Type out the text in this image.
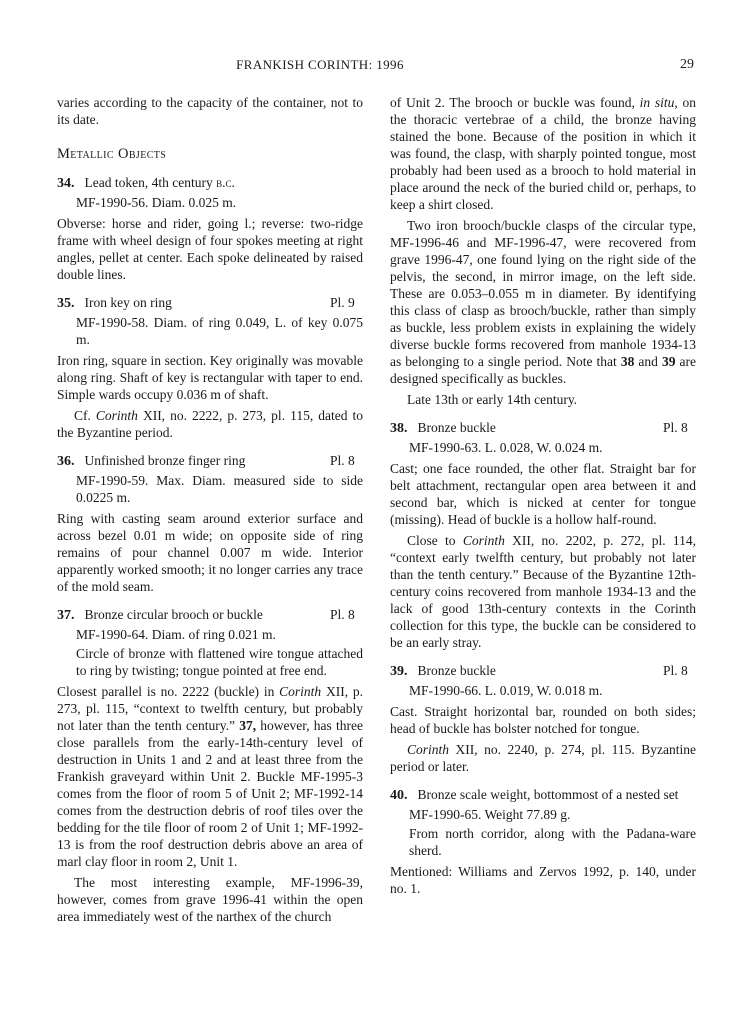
FRANKISH CORINTH: 1996	29

varies according to the capacity of the container, not to its date.

Metallic Objects

34. Lead token, 4th century b.c.

MF-1990-56. Diam. 0.025 m.

Obverse: horse and rider, going l.; reverse: two-ridge frame with wheel design of four spokes meeting at right angles, pellet at center. Each spoke delineated by raised double lines.

Pl. 9
35. Iron key on ring

MF-1990-58. Diam. of ring 0.049, L. of key 0.075 m.

Iron ring, square in section. Key originally was movable along ring. Shaft of key is rectangular with taper to end. Simple wards occupy 0.036 m of shaft.

Cf. Corinth XII, no. 2222, p. 273, pl. 115, dated to the Byzantine period.

Pl. 8
36. Unfinished bronze finger ring

MF-1990-59. Max. Diam. measured side to side 0.0225 m.

Ring with casting seam around exterior surface and across bezel 0.01 m wide; on opposite side of ring remains of pour channel 0.007 m wide. Interior apparently worked smooth; it no longer carries any trace of the mold seam.

Pl. 8
37. Bronze circular brooch or buckle

MF-1990-64. Diam. of ring 0.021 m.

Circle of bronze with flattened wire tongue attached to ring by twisting; tongue pointed at free end.

Closest parallel is no. 2222 (buckle) in Corinth XII, p. 273, pl. 115, “context to twelfth century, but probably not later than the tenth century.” 37, however, has three close parallels from the early-14th-century level of destruction in Units 1 and 2 and at least three from the Frankish graveyard within Unit 2. Buckle MF-1995-3 comes from the floor of room 5 of Unit 2; MF-1992-14 comes from the destruction debris of roof tiles over the bedding for the tile floor of room 2 of Unit 1; MF-1992-13 is from the roof destruction debris above an area of marl clay floor in room 2, Unit 1.

The most interesting example, MF-1996-39, however, comes from grave 1996-41 within the open area immediately west of the narthex of the church

of Unit 2. The brooch or buckle was found, in situ, on the thoracic vertebrae of a child, the bronze having stained the bone. Because of the position in which it was found, the clasp, with sharply pointed tongue, most probably had been used as a brooch to hold material in place around the neck of the buried child or, perhaps, to keep a shirt closed.

Two iron brooch/buckle clasps of the circular type, MF-1996-46 and MF-1996-47, were recovered from grave 1996-47, one found lying on the right side of the pelvis, the second, in mirror image, on the left side. These are 0.053–0.055 m in diameter. By identifying this class of clasp as brooch/buckle, rather than simply as buckle, less problem exists in explaining the widely diverse buckle forms recovered from manhole 1934-13 as belonging to a single period. Note that 38 and 39 are designed specifically as buckles.

Late 13th or early 14th century.

Pl. 8
38. Bronze buckle

MF-1990-63. L. 0.028, W. 0.024 m.

Cast; one face rounded, the other flat. Straight bar for belt attachment, rectangular open area between it and second bar, which is nicked at center for tongue (missing). Head of buckle is a hollow half-round.

Close to Corinth XII, no. 2202, p. 272, pl. 114, “context early twelfth century, but probably not later than the tenth century.” Because of the Byzantine 12th-century coins recovered from manhole 1934-13 and the lack of good 13th-century contexts in the Corinth collection for this type, the buckle can be considered to be an early stray.

Pl. 8
39. Bronze buckle

MF-1990-66. L. 0.019, W. 0.018 m.

Cast. Straight horizontal bar, rounded on both sides; head of buckle has bolster notched for tongue.

Corinth XII, no. 2240, p. 274, pl. 115. Byzantine period or later.

40. Bronze scale weight, bottommost of a nested set

MF-1990-65. Weight 77.89 g.

From north corridor, along with the Padana-ware sherd.

Mentioned: Williams and Zervos 1992, p. 140, under no. 1.
